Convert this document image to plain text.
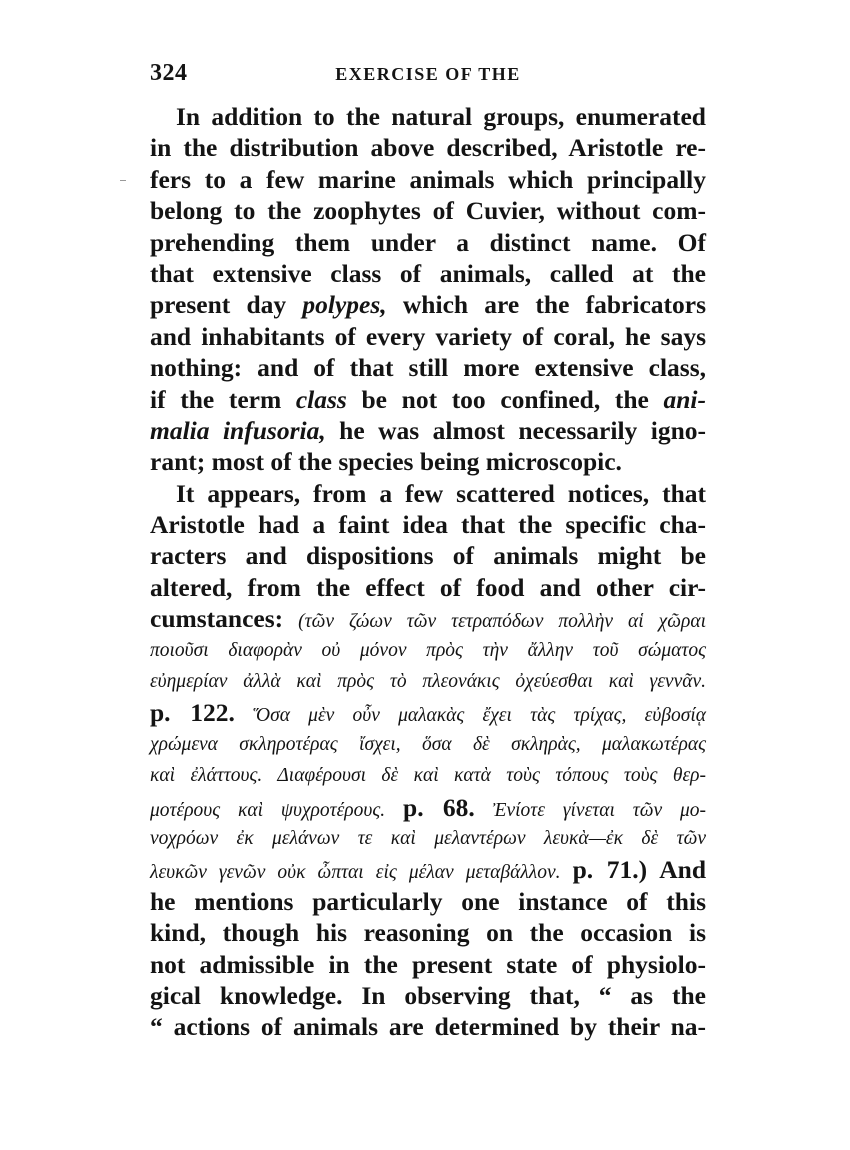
324	EXERCISE OF THE
In addition to the natural groups, enumerated
in the distribution above described, Aristotle re-
fers to a few marine animals which principally
belong to the zoophytes of Cuvier, without com-
prehending them under a distinct name. Of
that extensive class of animals, called at the
present day polypes, which are the fabricators
and inhabitants of every variety of coral, he says
nothing: and of that still more extensive class,
if the term class be not too confined, the ani-
malia infusoria, he was almost necessarily igno-
rant; most of the species being microscopic.
It appears, from a few scattered notices, that
Aristotle had a faint idea that the specific cha-
racters and dispositions of animals might be
altered, from the effect of food and other cir-
cumstances: (τῶν ζώων τῶν τετραπόδων πολλὴν αἱ χῶραι
ποιοῦσι διαφορὰν οὐ μόνον πρὸς τὴν ἄλλην τοῦ σώματος
εὐημερίαν ἀλλὰ καὶ πρὸς τὸ πλεονάκις ὀχεύεσθαι καὶ γεννᾶν.
p. 122. Ὅσα μὲν οὖν μαλακὰς ἔχει τὰς τρίχας, εὐβοσίᾳ
χρώμενα σκληροτέρας ἴσχει, ὅσα δὲ σκληρὰς, μαλακωτέρας
καὶ ἐλάττους. Διαφέρουσι δὲ καὶ κατὰ τοὺς τόπους τοὺς θερ-
μοτέρους καὶ ψυχροτέρους. p. 68. Ἐνίοτε γίνεται τῶν μο-
νοχρόων ἐκ μελάνων τε καὶ μελαντέρων λευκὰ—ἐκ δὲ τῶν
λευκῶν γενῶν οὐκ ὦπται εἰς μέλαν μεταβάλλον. p. 71.) And
he mentions particularly one instance of this
kind, though his reasoning on the occasion is
not admissible in the present state of physiolo-
gical knowledge. In observing that, “ as the
“ actions of animals are determined by their na-
